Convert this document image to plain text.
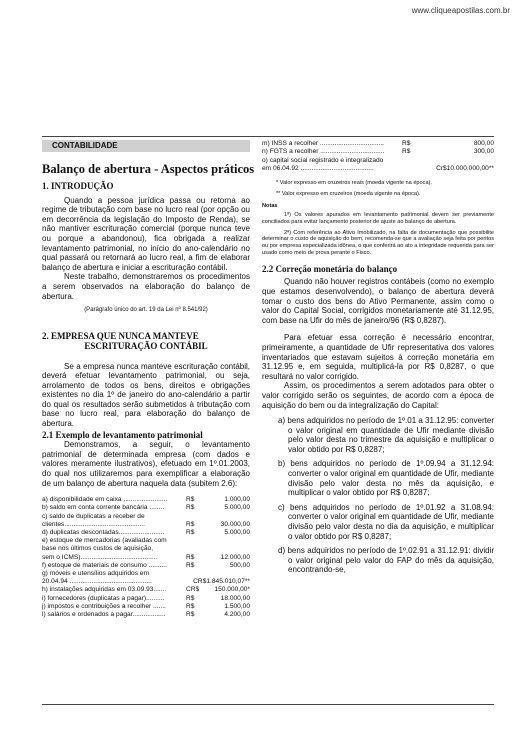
www.cliqueapostilas.com.br
CONTABILIDADE
Balanço de abertura - Aspectos práticos

1. INTRODUÇÃO

Quando a pessoa jurídica passa ou retorna ao regime de tributação com base no lucro real (por opção ou em decorrência da legislação do Imposto de Renda), se não mantiver escrituração comercial (porque nunca teve ou porque a abandonou), fica obrigada a realizar levantamento patrimonial, no início do ano-calendário no qual passará ou retornará ao lucro real, a fim de elaborar balanço de abertura e iniciar a escrituração contábil.

Neste trabalho, demonstraremos os procedimentos a serem observados na elaboração do balanço de abertura.

(Parágrafo único do art. 19 da Lei nº 8.541/92)

2. EMPRESA QUE NUNCA MANTEVE

ESCRITURAÇÃO CONTÁBIL

Se a empresa nunca manteve escrituração contábil, deverá efetuar levantamento patrimonial, ou seja, arrolamento de todos os bens, direitos e obrigações existentes no dia 1º de janeiro do ano-calendário a partir do qual os resultados serão submetidos à tributação com base no lucro real, para elaboração do balanço de abertura.

2.1 Exemplo de levantamento patrimonial

Demonstramos, a seguir, o levantamento patrimonial de determinada empresa (com dados e valores meramente ilustrativos), efetuado em 1º.01.2003, do qual nos utilizaremos para exemplificar a elaboração de um balanço de abertura naquela data (subitem 2.6):

a) disponibilidade em caixa ........................	R$	1.000,00
b) saldo em conta corrente bancária ........	R$	5.000,00
c) saldo de duplicatas a receber de
clientes............................................	R$	30.000,00
d) duplicatas descontadas.........................	R$	5.000,00
e) estoque de mercadorias (avaliadas com
base nos últimos custos de aquisição,
sem o ICMS)..........................................	R$	12.000,00
f) estoque de materiais de consumo ..........	R$	500,00
g) móveis e utensílios adquiridos em
20.04.94 .............................................	CR$1.845.010,07**
h) instalações adquiridas em 03.09.93.......	CR$	150.000,00*
i) fornecedores (duplicatas a pagar)..........	R$	18.000,00
j) impostos e contribuições a recolher .......	R$	1.500,00
l) salários e ordenados a pagar..................	R$	4.200,00
m) INSS a recolher ...................................	R$	800,00
n) FGTS a recolher ...................................	R$	300,00
o) capital social registrado e integralizado
em 06.04.92 ........................................	Cr$10.000.000,00**

* Valor expresso em cruzeiros reais (moeda vigente na época).

** Valor expresso em cruzeiros (moeda vigente na época).

Notas

1ª) Os valores apurados em levantamento patrimonial devem ser previamente conciliados para evitar lançamento posterior de ajuste ao balanço de abertura.

2ª) Com referência ao Ativo Imobilizado, na falta de documentação que possibilite determinar o custo de aquisição do bem, recomenda-se que a avaliação seja feita por peritos ou por empresa especializada idônea, o que conferirá ao ato a integridade requerida para ser usado como meio de prova perante o Fisco.

2.2 Correção monetária do balanço

Quando não houver registros contábeis (como no exemplo que estamos desenvolvendo), o balanço de abertura deverá tomar o custo dos bens do Ativo Permanente, assim como o valor do Capital Social, corrigidos monetariamente até 31.12.95, com base na Ufir do mês de janeiro/96 (R$ 0,8287).

Para efetuar essa correção é necessário encontrar, primeiramente, a quantidade de Ufir representativa dos valores inventariados que estavam sujeitos à correção monetária em 31.12.95 e, em seguida, multiplicá-la por R$ 0,8287, o que resultará no valor corrigido.

Assim, os procedimentos a serem adotados para obter o valor corrigido serão os seguintes, de acordo com a época de aquisição do bem ou da integralização do Capital:

a) bens adquiridos no período de 1º.01 a 31.12.95: converter o valor original em quantidade de Ufir mediante divisão pelo valor desta no trimestre da aquisição e multiplicar o valor obtido por R$ 0,8287;

b) bens adquiridos no período de 1º.09.94 a 31.12.94: converter o valor original em quantidade de Ufir, mediante divisão pelo valor desta no mês da aquisição, e multiplicar o valor obtido por R$ 0,8287;

c) bens adquiridos no período de 1º.01.92 a 31.08.94: converter o valor original em quantidade de Ufir, mediante divisão pelo valor desta no dia da aquisição, e multiplicar o valor obtido por R$ 0,8287;

d) bens adquiridos no período de 1º.02.91 a 31.12.91: dividir o valor original pelo valor do FAP do mês da aquisição, encontrando-se,
